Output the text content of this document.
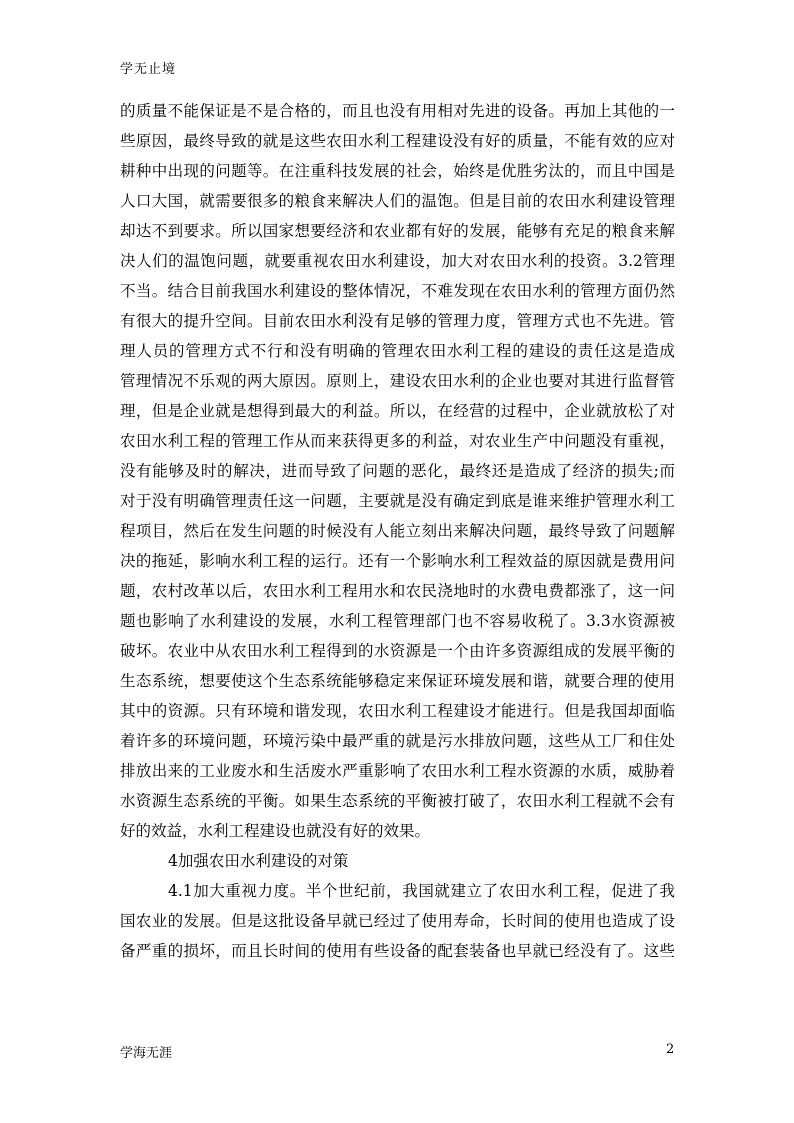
学无止境
的质量不能保证是不是合格的，而且也没有用相对先进的设备。再加上其他的一
些原因，最终导致的就是这些农田水利工程建设没有好的质量，不能有效的应对
耕种中出现的问题等。在注重科技发展的社会，始终是优胜劣汰的，而且中国是
人口大国，就需要很多的粮食来解决人们的温饱。但是目前的农田水利建设管理
却达不到要求。所以国家想要经济和农业都有好的发展，能够有充足的粮食来解
决人们的温饱问题，就要重视农田水利建设，加大对农田水利的投资。3.2管理
不当。结合目前我国水利建设的整体情况，不难发现在农田水利的管理方面仍然
有很大的提升空间。目前农田水利没有足够的管理力度，管理方式也不先进。管
理人员的管理方式不行和没有明确的管理农田水利工程的建设的责任这是造成
管理情况不乐观的两大原因。原则上，建设农田水利的企业也要对其进行监督管
理，但是企业就是想得到最大的利益。所以，在经营的过程中，企业就放松了对
农田水利工程的管理工作从而来获得更多的利益，对农业生产中问题没有重视，
没有能够及时的解决，进而导致了问题的恶化，最终还是造成了经济的损失;而
对于没有明确管理责任这一问题，主要就是没有确定到底是谁来维护管理水利工
程项目，然后在发生问题的时候没有人能立刻出来解决问题，最终导致了问题解
决的拖延，影响水利工程的运行。还有一个影响水利工程效益的原因就是费用问
题，农村改革以后，农田水利工程用水和农民浇地时的水费电费都涨了，这一问
题也影响了水利建设的发展，水利工程管理部门也不容易收税了。3.3水资源被
破坏。农业中从农田水利工程得到的水资源是一个由许多资源组成的发展平衡的
生态系统，想要使这个生态系统能够稳定来保证环境发展和谐，就要合理的使用
其中的资源。只有环境和谐发现，农田水利工程建设才能进行。但是我国却面临
着许多的环境问题，环境污染中最严重的就是污水排放问题，这些从工厂和住处
排放出来的工业废水和生活废水严重影响了农田水利工程水资源的水质，威胁着
水资源生态系统的平衡。如果生态系统的平衡被打破了，农田水利工程就不会有
好的效益，水利工程建设也就没有好的效果。
4加强农田水利建设的对策
4.1加大重视力度。半个世纪前，我国就建立了农田水利工程，促进了我
国农业的发展。但是这批设备早就已经过了使用寿命，长时间的使用也造成了设
备严重的损坏，而且长时间的使用有些设备的配套装备也早就已经没有了。这些
学海无涯	2
